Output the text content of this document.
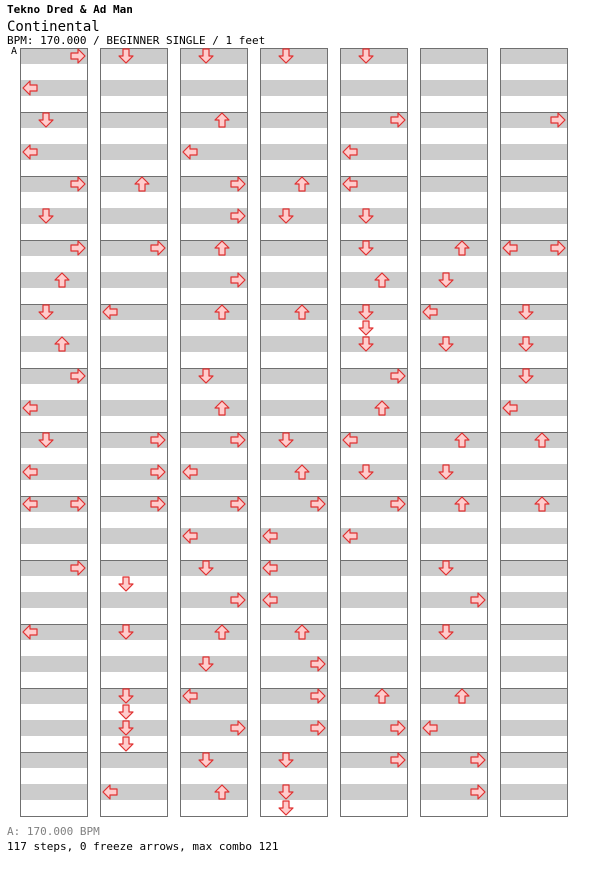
Tekno Dred & Ad Man
Continental
BPM: 170.000 / BEGINNER SINGLE / 1 feet
A
A: 170.000 BPM
117 steps, 0 freeze arrows, max combo 121
